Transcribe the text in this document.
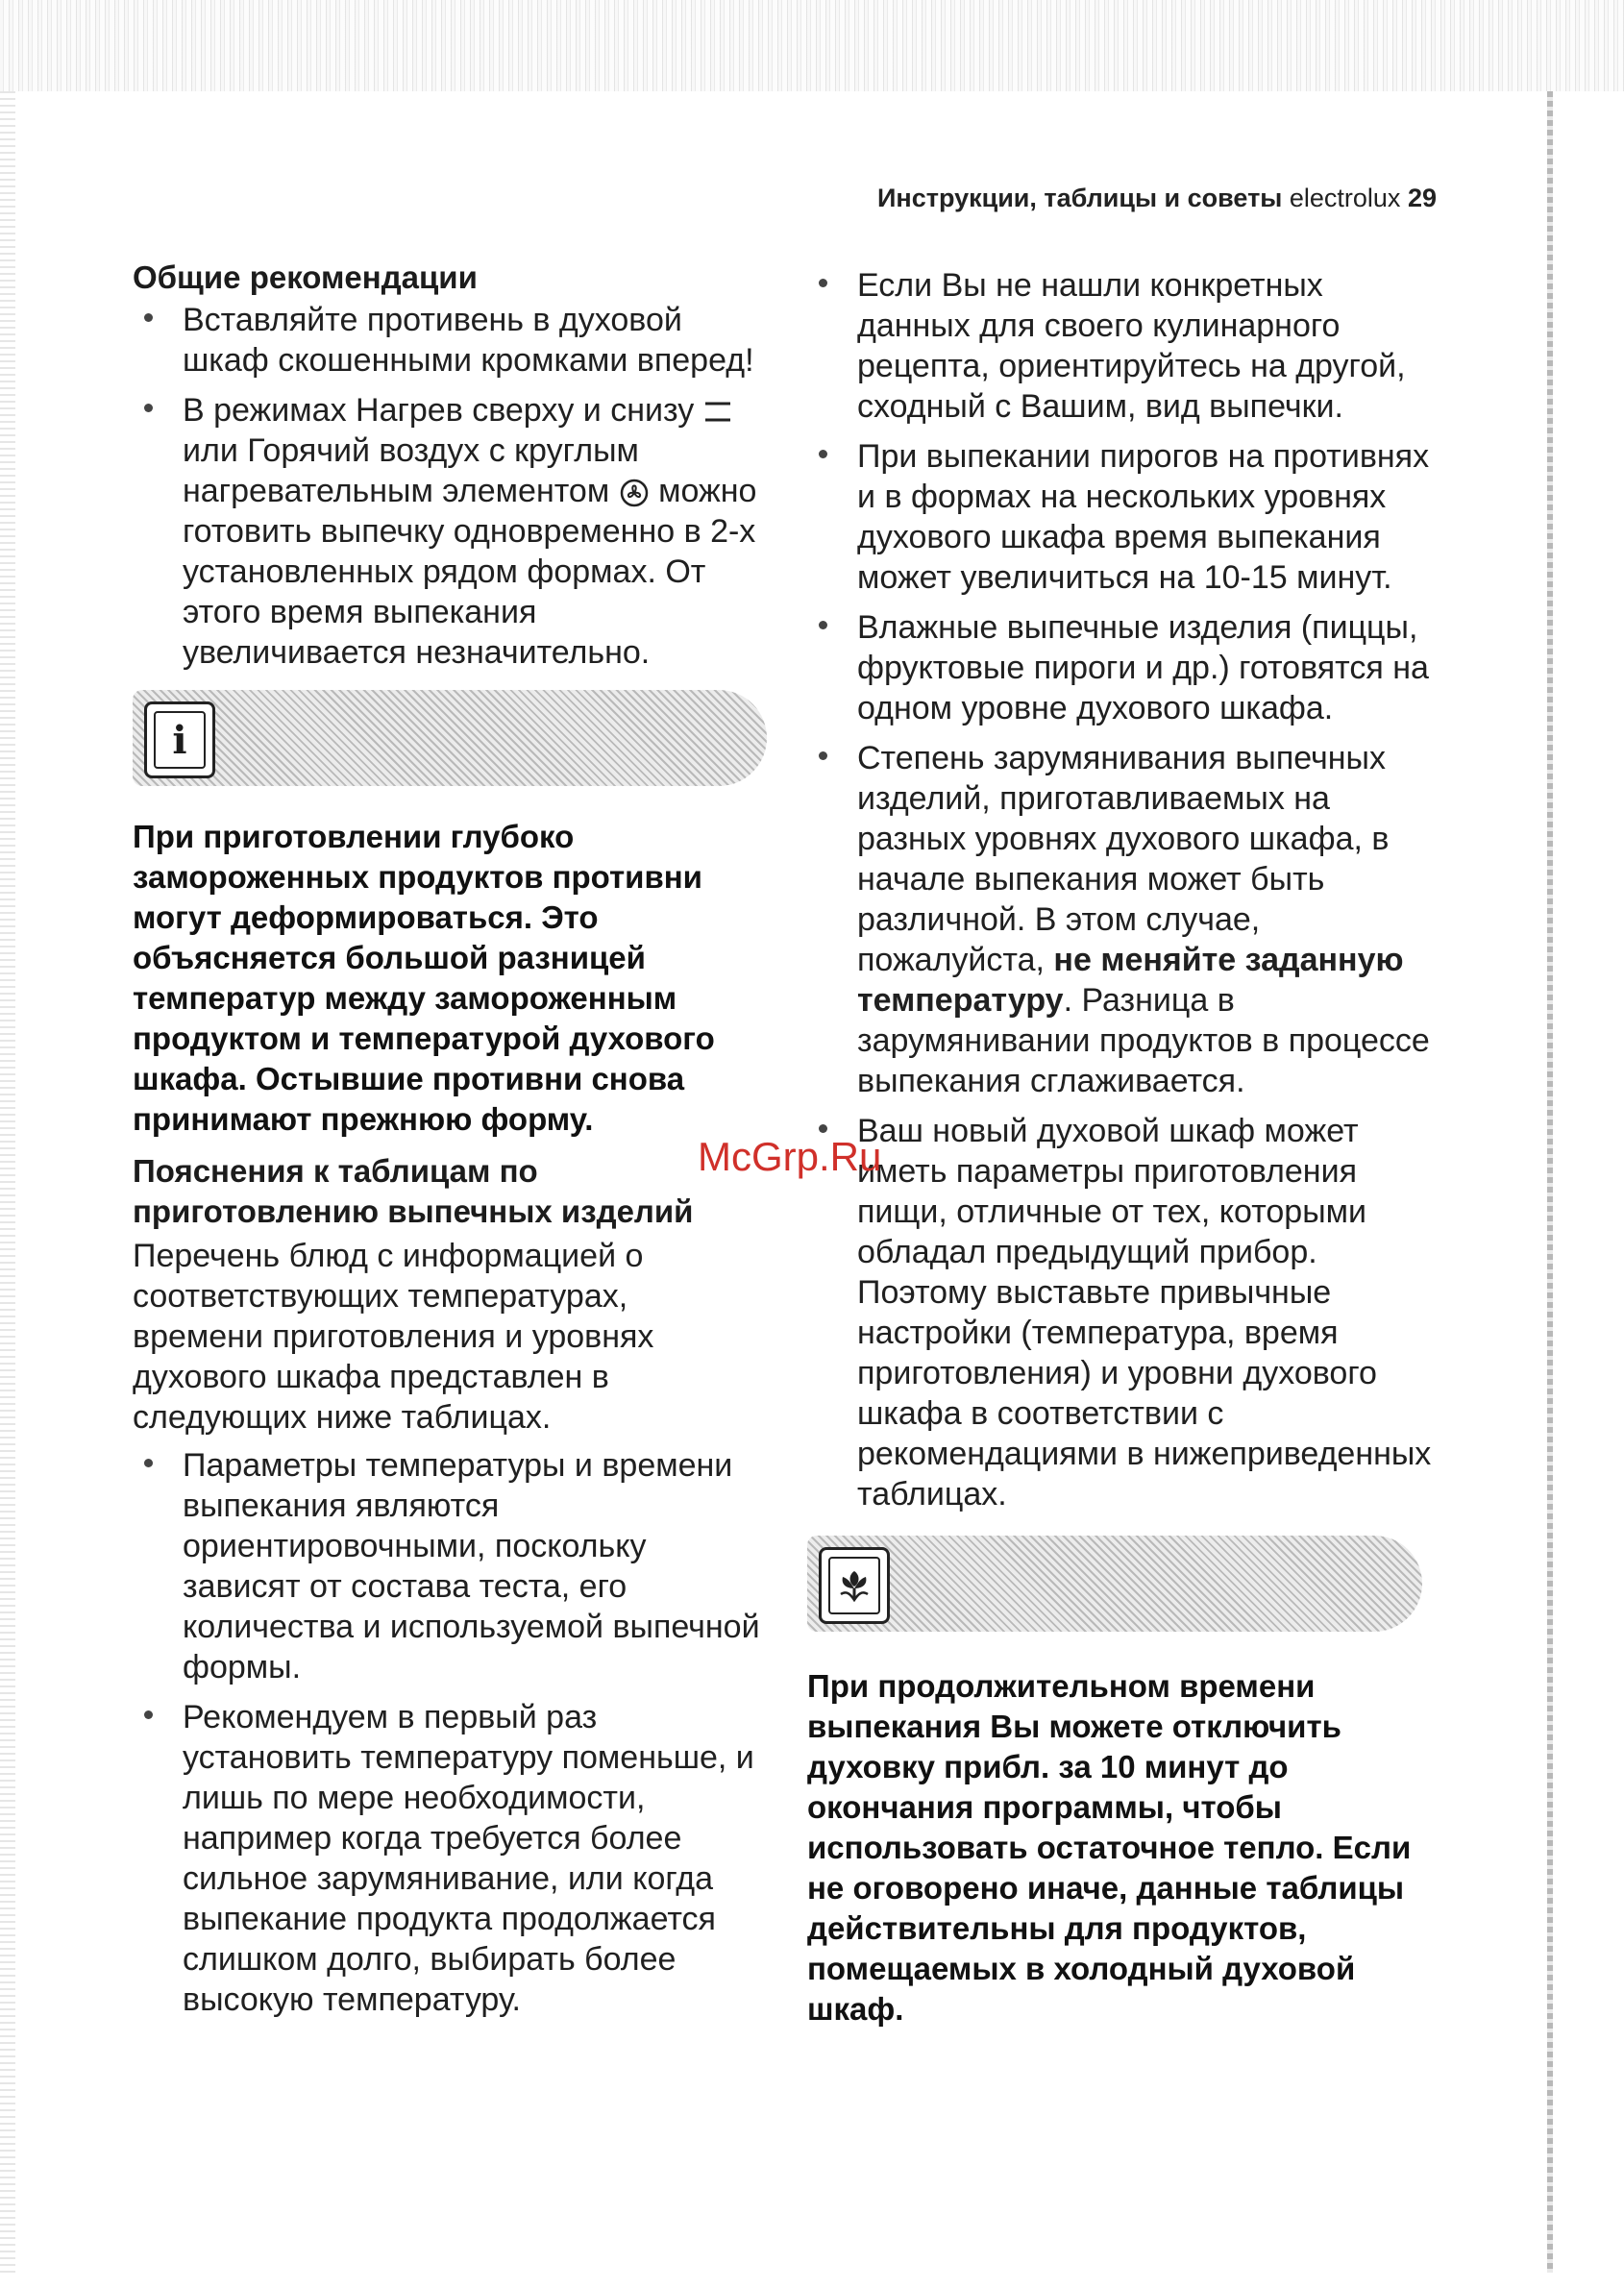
Инструкции, таблицы и советы electrolux 29
Общие рекомендации
Вставляйте противень в духовой шкаф скошенными кромками вперед!
В режимах Нагрев сверху и снизу  или Горячий воздух с круглым нагревательным элементом можно готовить выпечку одновременно в 2-х установленных рядом формах. От этого время выпекания увеличивается незначительно.
i

При приготовлении глубоко замороженных продуктов противни могут деформироваться. Это объясняется большой разницей температур между замороженным продуктом и температурой духового шкафа. Остывшие противни снова принимают прежнюю форму.

Пояснения к таблицам по приготовлению выпечных изделий

Перечень блюд с информацией о соответствующих температурах, времени приготовления и уровнях духового шкафа представлен в следующих ниже таблицах.

Параметры температуры и времени выпекания являются ориентировочными, поскольку зависят от состава теста, его количества и используемой выпечной формы.
Рекомендуем в первый раз установить температуру поменьше, и лишь по мере необходимости, например когда требуется более сильное зарумянивание, или когда выпекание продукта продолжается слишком долго, выбирать более высокую температуру.
Если Вы не нашли конкретных данных для своего кулинарного рецепта, ориентируйтесь на другой, сходный с Вашим, вид выпечки.
При выпекании пирогов на противнях и в формах на нескольких уровнях духового шкафа время выпекания может увеличиться на 10-15 минут.
Влажные выпечные изделия (пиццы, фруктовые пироги и др.) готовятся на одном уровне духового шкафа.
Степень зарумянивания выпечных изделий, приготавливаемых на разных уровнях духового шкафа, в начале выпекания может быть различной. В этом случае, пожалуйста, не меняйте заданную температуру. Разница в зарумянивании продуктов в процессе выпекания сглаживается.
Ваш новый духовой шкаф может иметь параметры приготовления пищи, отличные от тех, которыми обладал предыдущий прибор. Поэтому выставьте привычные настройки (температура, время приготовления) и уровни духового шкафа в соответствии с рекомендациями в нижеприведенных таблицах.

При продолжительном времени выпекания Вы можете отключить духовку прибл. за 10 минут до окончания программы, чтобы использовать остаточное тепло. Если не оговорено иначе, данные таблицы действительны для продуктов, помещаемых в холодный духовой шкаф.

McGrp.Ru
